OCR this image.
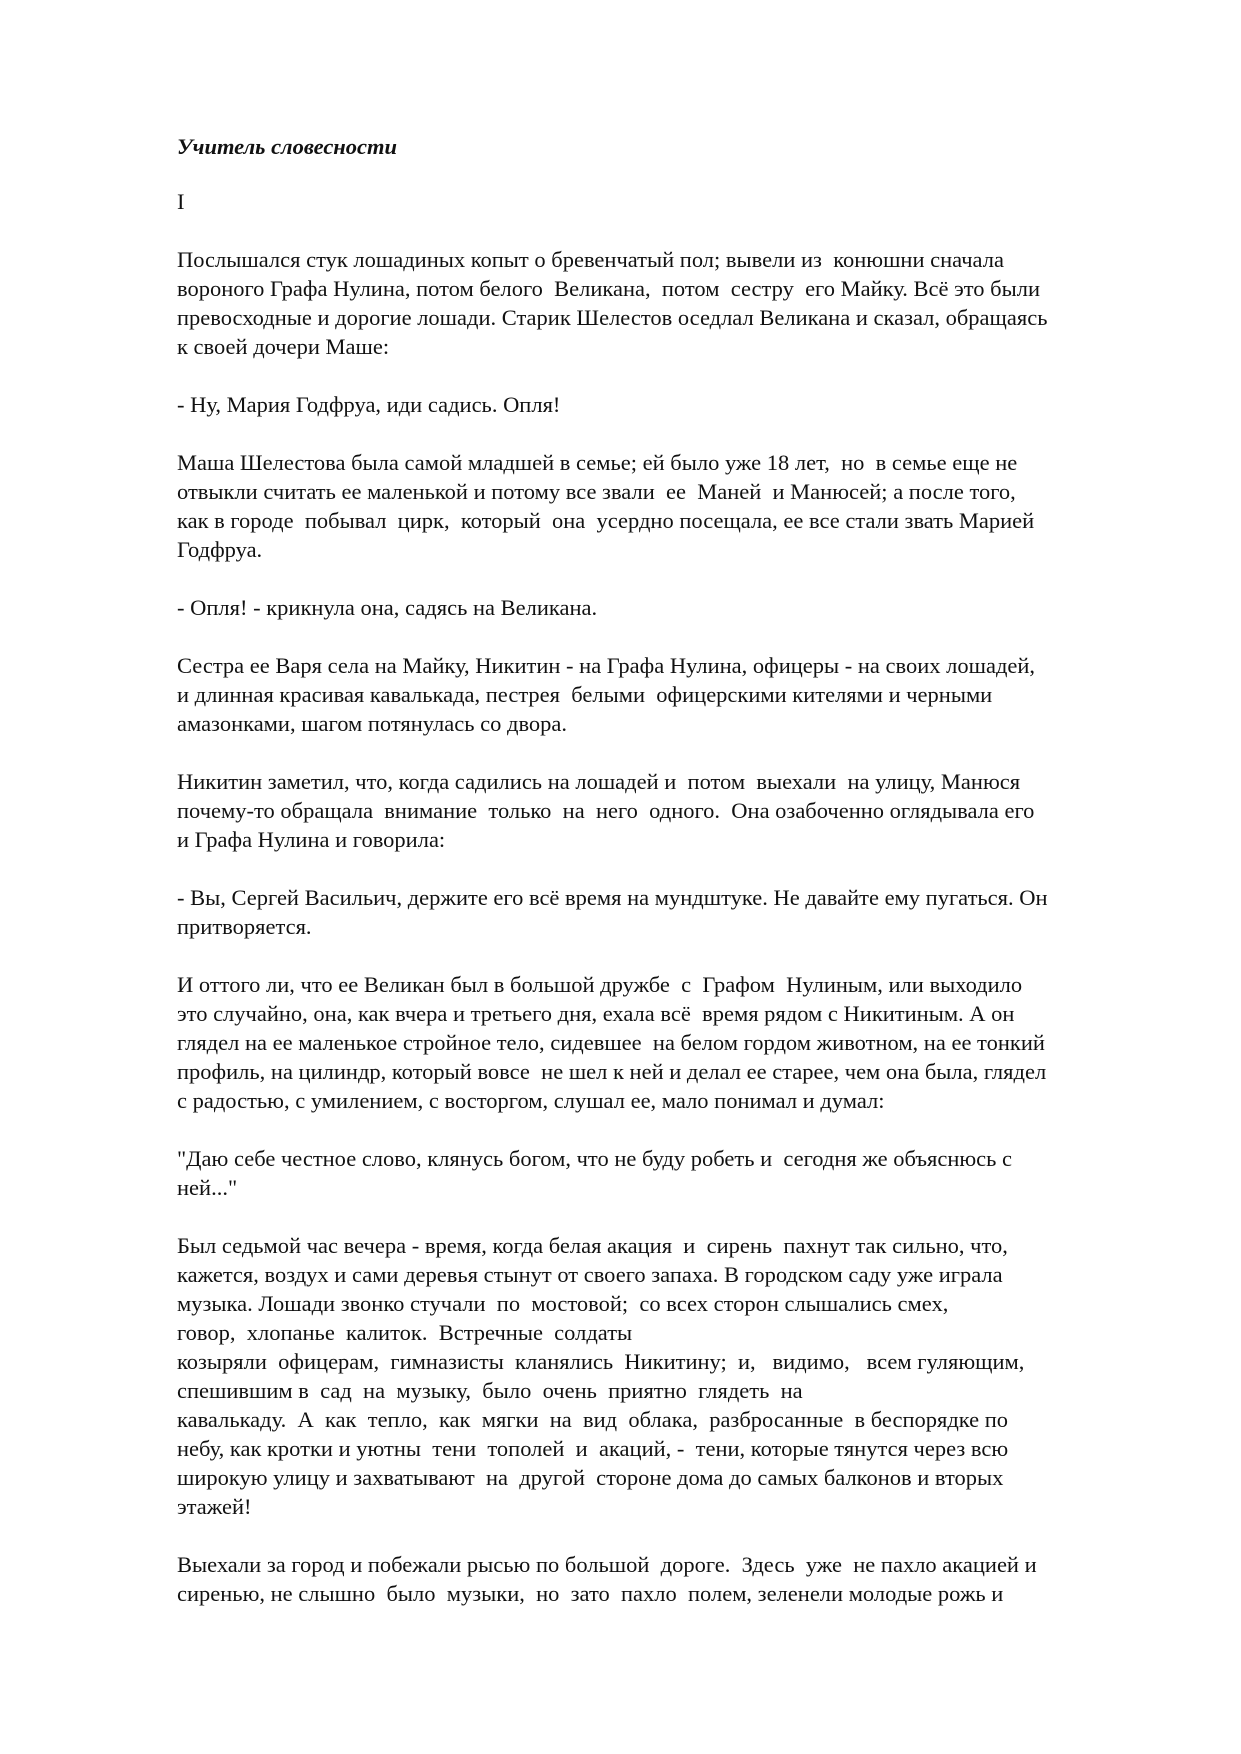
Учитель словесности
I
Послышался стук лошадиных копыт о бревенчатый пол; вывели из  конюшни сначала
вороного Графа Нулина, потом белого  Великана,  потом  сестру  его Майку. Всё это были
превосходные и дорогие лошади. Старик Шелестов оседлал Великана и сказал, обращаясь
к своей дочери Маше:
- Ну, Мария Годфруа, иди садись. Опля!
Маша Шелестова была самой младшей в семье; ей было уже 18 лет,  но  в семье еще не
отвыкли считать ее маленькой и потому все звали  ее  Маней  и Манюсей; а после того,
как в городе  побывал  цирк,  который  она  усердно посещала, ее все стали звать Марией
Годфруа.
- Опля! - крикнула она, садясь на Великана.
Сестра ее Варя села на Майку, Никитин - на Графа Нулина, офицеры - на своих лошадей,
и длинная красивая кавалькада, пестрея  белыми  офицерскими кителями и черными
амазонками, шагом потянулась со двора.
Никитин заметил, что, когда садились на лошадей и  потом  выехали  на улицу, Манюся
почему-то обращала  внимание  только  на  него  одного.  Она озабоченно оглядывала его
и Графа Нулина и говорила:
- Вы, Сергей Васильич, держите его всё время на мундштуке. Не давайте ему пугаться. Он
притворяется.
И оттого ли, что ее Великан был в большой дружбе  с  Графом  Нулиным, или выходило
это случайно, она, как вчера и третьего дня, ехала всё  время рядом с Никитиным. А он
глядел на ее маленькое стройное тело, сидевшее  на белом гордом животном, на ее тонкий
профиль, на цилиндр, который вовсе  не шел к ней и делал ее старее, чем она была, глядел
с радостью, с умилением, с восторгом, слушал ее, мало понимал и думал:
"Даю себе честное слово, клянусь богом, что не буду робеть и  сегодня же объяснюсь с
ней..."
Был седьмой час вечера - время, когда белая акация  и  сирень  пахнут так сильно, что,
кажется, воздух и сами деревья стынут от своего запаха. В городском саду уже играла
музыка. Лошади звонко стучали  по  мостовой;  со всех сторон слышались смех,
говор,  хлопанье  калиток.  Встречные  солдаты
козыряли  офицерам,  гимназисты  кланялись  Никитину;  и,   видимо,   всем гуляющим,
спешившим в  сад  на  музыку,  было  очень  приятно  глядеть  на
кавалькаду.  А  как  тепло,  как  мягки  на  вид  облака,  разбросанные  в беспорядке по
небу, как кротки и уютны  тени  тополей  и  акаций, -  тени, которые тянутся через всю
широкую улицу и захватывают  на  другой  стороне дома до самых балконов и вторых
этажей!
Выехали за город и побежали рысью по большой  дороге.  Здесь  уже  не пахло акацией и
сиренью, не слышно  было  музыки,  но  зато  пахло  полем, зеленели молодые рожь и
